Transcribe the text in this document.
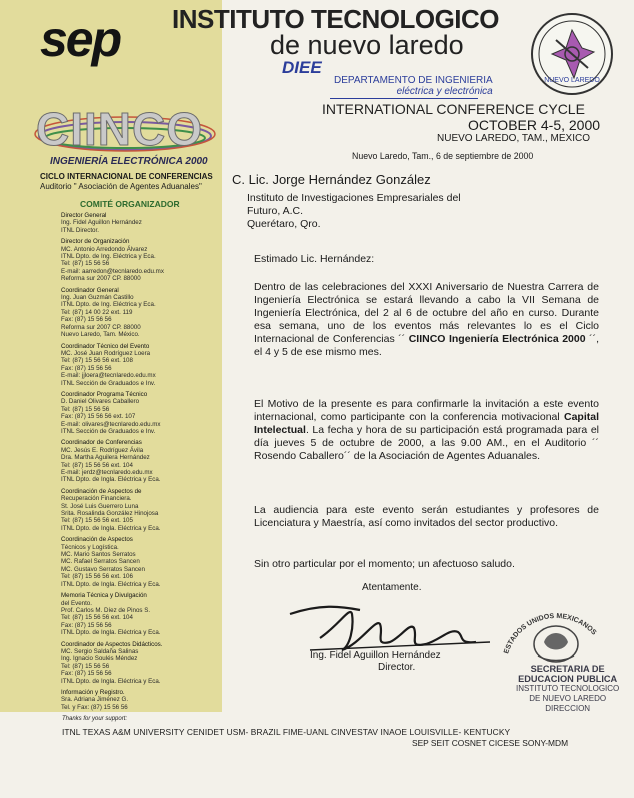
sep
CIINCO
INGENIERÍA ELECTRÓNICA 2000
CICLO INTERNACIONAL DE CONFERENCIAS
Auditorio " Asociación de Agentes Aduanales"
COMITÉ ORGANIZADOR
Director General
Ing. Fidel Aguillon Hernández
ITNL Director.
Director de Organización
MC. Antonio Arredondo Álvarez
ITNL Dpto. de Ing. Eléctrica y Eca.
Tel: (87) 15 56 56
E-mail: aarredon@tecnlaredo.edu.mx
Reforma sur 2007 CP. 88000
Coordinador General
Ing. Juan Guzmán Castillo
ITNL Dpto. de Ing. Eléctrica y Eca.
Tel: (87) 14 00 22 ext. 119
Fax: (87) 15 56 56
Reforma sur 2007 CP. 88000
Nuevo Laredo, Tam. México.
Coordinador Técnico del Evento
MC. José Juan Rodríguez Loera
Tel: (87) 15 56 56 ext. 108
Fax: (87) 15 56 56
E-mail: jjloera@tecnlaredo.edu.mx
ITNL Sección de Graduados e Inv.
Coordinador Programa Técnico
D. Daniel Olivares Caballero
Tel: (87) 15 56 56
Fax: (87) 15 56 56 ext. 107
E-mail: olivares@tecnlaredo.edu.mx
ITNL Sección de Graduados e Inv.
Coordinador de Conferencias
MC. Jesús E. Rodríguez Ávila
Dra. Martha Aguilera Hernández
Tel: (87) 15 56 56 ext. 104
E-mail: jerdz@tecnlaredo.edu.mx
ITNL Dpto. de Ingla. Eléctrica y Eca.
Coordinación de Aspectos de
Recuperación Financiera.
St. José Luis Guerrero Luna
Srita. Rosalinda González Hinojosa
Tel: (87) 15 56 56 ext. 105
ITNL Dpto. de Ingla. Eléctrica y Eca.
Coordinación de Aspectos
Técnicos y Logística.
MC. Mario Santos Serratos
MC. Rafael Serratos Sancen
MC. Gustavo Serratos Sancen
Tel: (87) 15 56 56 ext. 106
ITNL Dpto. de Ingla. Eléctrica y Eca.
Memoria Técnica y Divulgación
del Evento.
Prof. Carlos M. Díez de Pinos S.
Tel: (87) 15 56 56 ext. 104
Fax: (87) 15 56 56
ITNL Dpto. de Ingla. Eléctrica y Eca.
Coordinador de Aspectos Didácticos.
MC. Sergio Saldaña Salinas
Ing. Ignacio Soulés Méndez
Tel: (87) 15 56 56
Fax: (87) 15 56 56
ITNL Dpto. de Ingla. Eléctrica y Eca.
Información y Registro.
Sra. Adriana Jiménez G.
Tel. y Fax: (87) 15 56 56
Thanks for your support:
ITNL TEXAS A&M UNIVERSITY CENIDET USM- BRAZIL FIME-UANL CINVESTAV INAOE LOUISVILLE- KENTUCKY
SEP SEIT COSNET CICESE SONY-MDM
INSTITUTO TECNOLOGICO
de nuevo laredo
DIEE
DEPARTAMENTO DE INGENIERIA
eléctrica y electrónica
INTERNATIONAL CONFERENCE CYCLE
OCTOBER 4-5, 2000
NUEVO LAREDO, TAM., MEXICO
NUEVO LAREDO
Nuevo Laredo, Tam., 6 de septiembre de 2000
C. Lic. Jorge Hernández González
Instituto de Investigaciones Empresariales del
Futuro, A.C.
Querétaro, Qro.
Estimado Lic. Hernández:
Dentro de las celebraciones del XXXI Aniversario de Nuestra Carrera de Ingeniería Electrónica se estará llevando a cabo la VII Semana de Ingeniería Electrónica, del 2 al 6 de octubre del año en curso. Durante esa semana, uno de los eventos más relevantes lo es el Ciclo Internacional de Conferencias ´´ CIINCO Ingeniería Electrónica 2000 ´´, el 4 y 5 de ese mismo mes.
El Motivo de la presente es para confirmarle la invitación a este evento internacional, como participante con la conferencia motivacional Capital Intelectual. La fecha y hora de su participación está programada para el día jueves 5 de octubre de 2000, a las 9.00 AM., en el Auditorio ´´ Rosendo Caballero´´ de la Asociación de Agentes Aduanales.
La audiencia para este evento serán estudiantes y profesores de Licenciatura y Maestría, así como invitados del sector productivo.
Sin otro particular por el momento; un afectuoso saludo.
Atentamente.
Ing. Fidel Aguillon Hernández
Director.
ESTADOS UNIDOS MEXICANOS
SECRETARIA DE
EDUCACION PUBLICA
INSTITUTO TECNOLOGICO
DE NUEVO LAREDO
DIRECCION
